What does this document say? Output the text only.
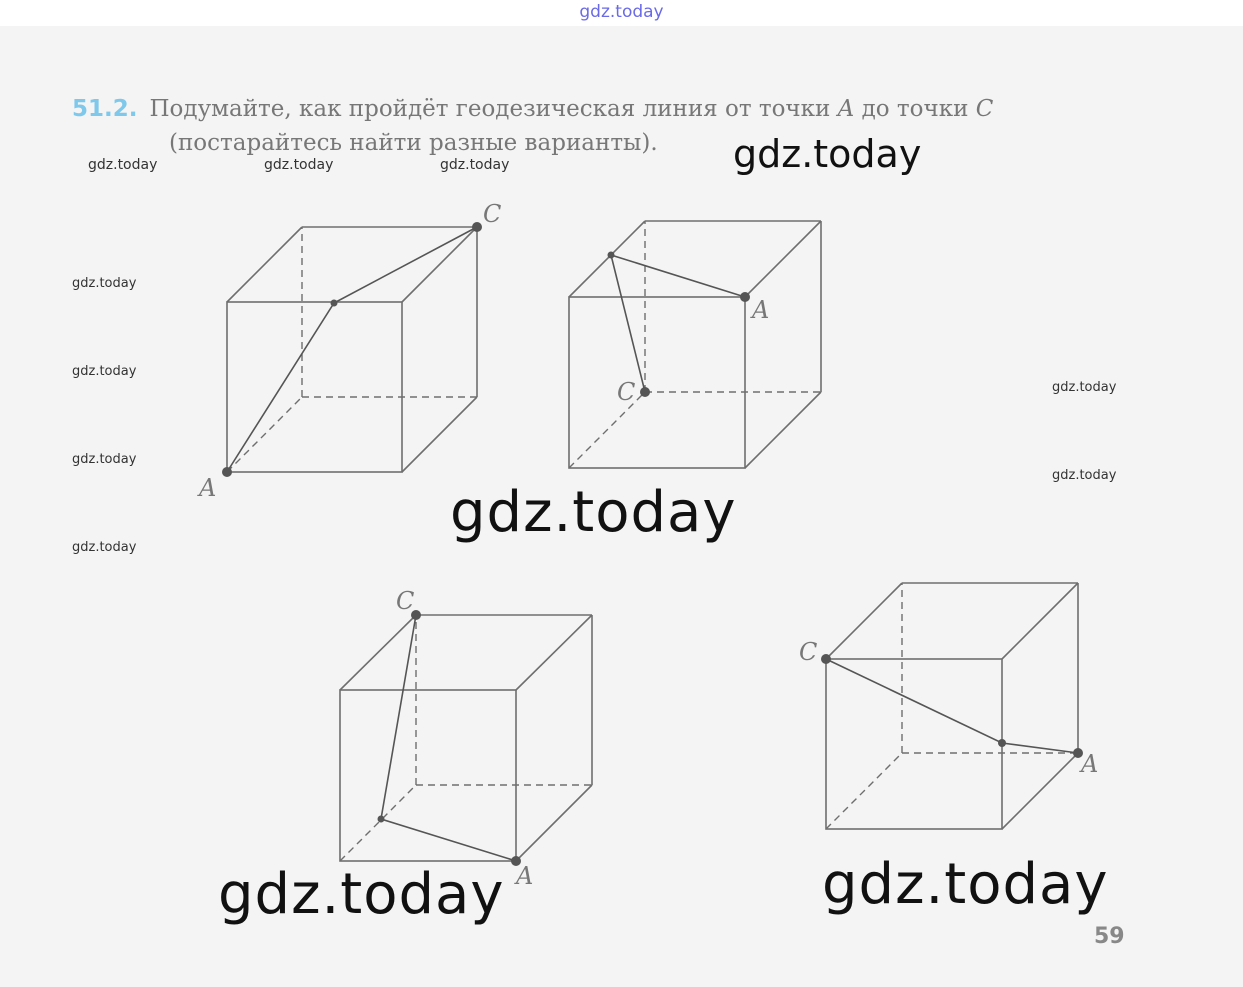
gdz.today
51.2. Подумайте, как пройдёт геодезическая линия от точки A до точки C
(постарайтесь найти разные варианты).	gdz.today
gdz.today	gdz.today	gdz.today
gdz.today
gdz.today
gdz.today
gdz.today
gdz.today
gdz.today
A
C
A
C
A
C
A
C
gdz.today
gdz.today	gdz.today
59
